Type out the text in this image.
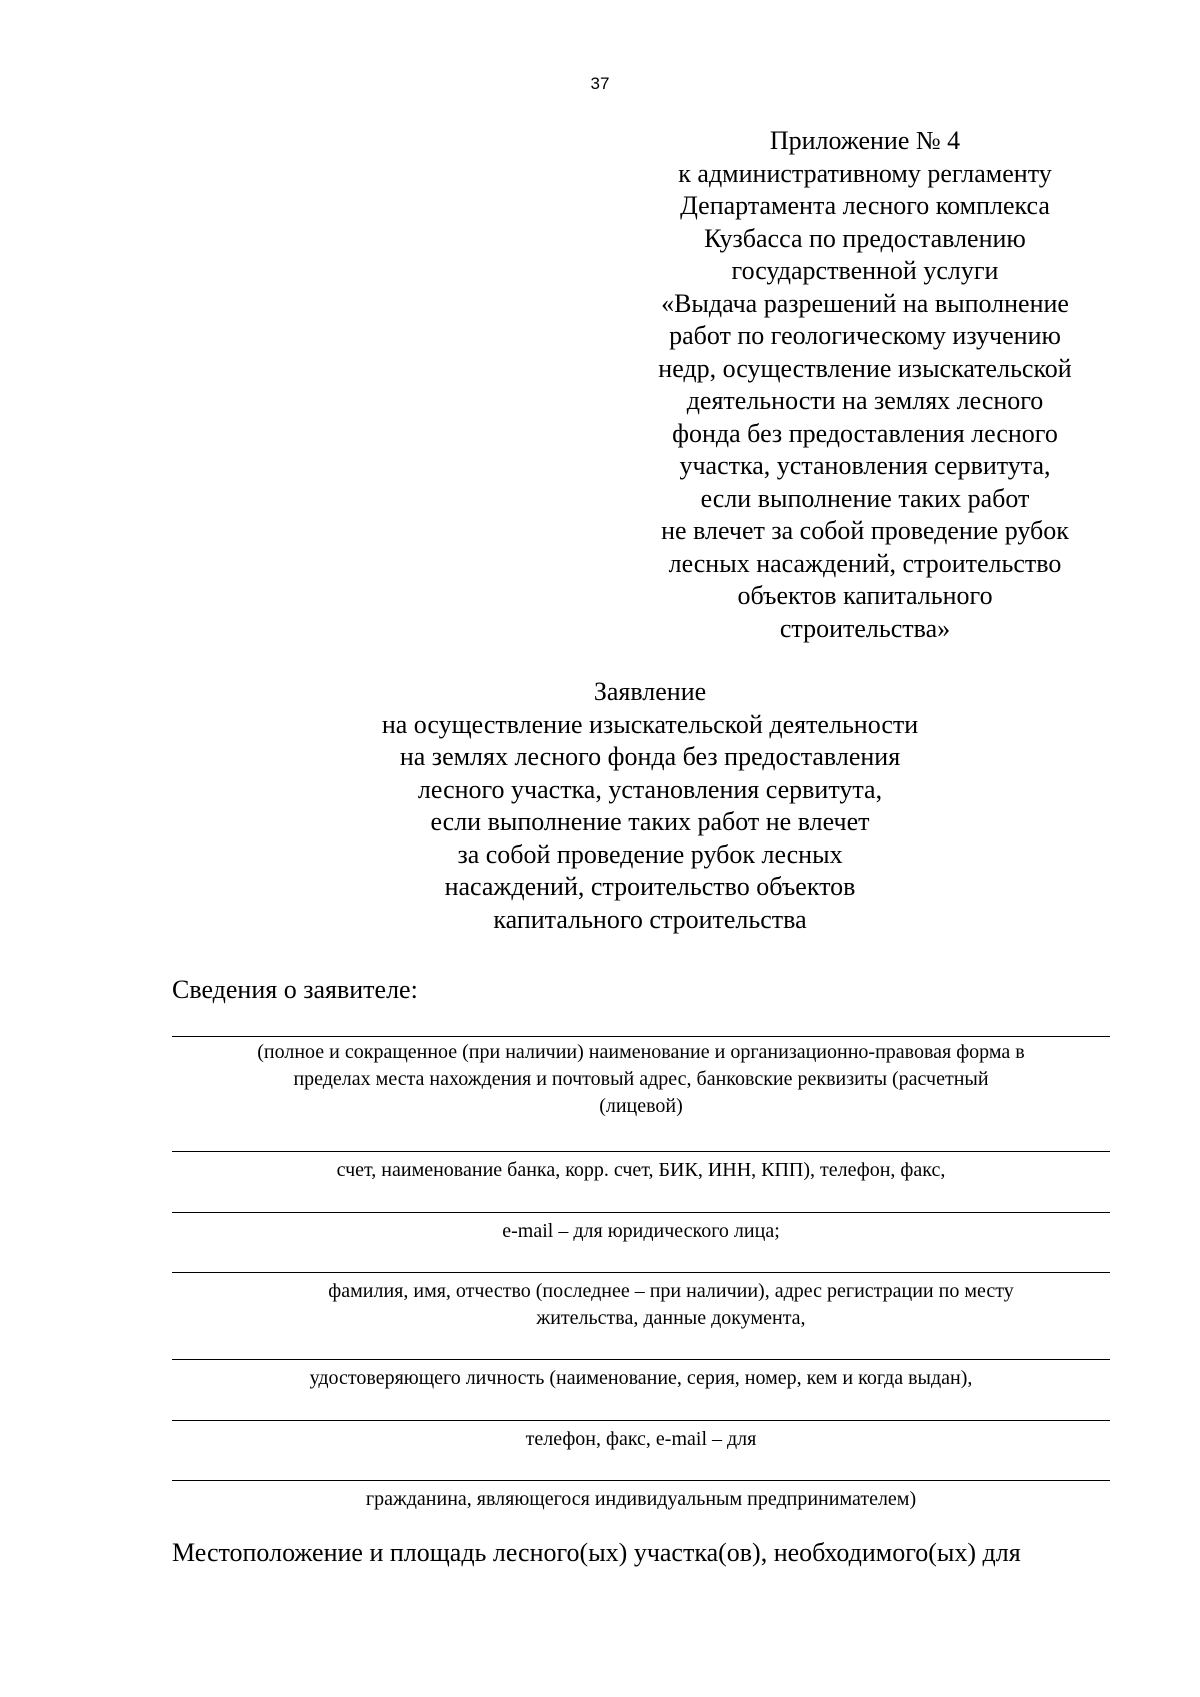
37
Приложение № 4
к административному регламенту
Департамента лесного комплекса
Кузбасса по предоставлению
государственной услуги
«Выдача разрешений на выполнение
работ по геологическому изучению
недр, осуществление изыскательской
деятельности на землях лесного
фонда без предоставления лесного
участка, установления сервитута,
если выполнение таких работ
не влечет за собой проведение рубок
лесных насаждений, строительство
объектов капитального
строительства»
Заявление
на осуществление изыскательской деятельности
на землях лесного фонда без предоставления
лесного участка, установления сервитута,
если выполнение таких работ не влечет
за собой проведение рубок лесных
насаждений, строительство объектов
капитального строительства
Сведения о заявителе:
(полное и сокращенное (при наличии) наименование и организационно-правовая форма в
пределах места нахождения и почтовый адрес, банковские реквизиты (расчетный
(лицевой)
счет, наименование банка, корр. счет, БИК, ИНН, КПП), телефон, факс,
e-mail – для юридического лица;
фамилия, имя, отчество (последнее – при наличии), адрес регистрации по месту
жительства, данные документа,
удостоверяющего личность (наименование, серия, номер, кем и когда выдан),
телефон, факс, e-mail – для
гражданина, являющегося индивидуальным предпринимателем)
Местоположение и площадь лесного(ых) участка(ов), необходимого(ых) для
